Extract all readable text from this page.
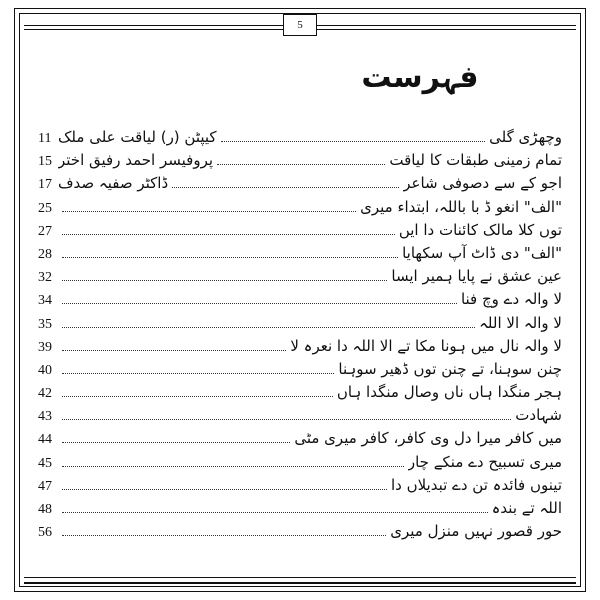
5
فہرست
وچھڑی گلی
کیپٹن (ر) لیاقت علی ملک
11
تمام زمینی طبقات کا لیاقت
پروفیسر احمد رفیق اختر
15
اجو کے سے دصوفی شاعر
ڈاکٹر صفیہ صدف
17
"الف" انغو ڈ با باللہ، ابتداء میری
25
توں کلا مالک کائنات دا ایں
27
"الف" دی ڈاٹ آپ سکھایا
28
عین عشق نے پایا ہمیر ایسا
32
لا والہ دے وچ فنا
34
لا والہ الا اللہ
35
لا والہ نال میں ہونا مکا تے الا اللہ دا نعرہ لا
39
چنن سوہنا، تے چنن توں ڈھیر سوہنا
40
ہجر منگدا ہاں ناں وصال منگدا ہاں
42
شہادت
43
میں کافر میرا دل وی کافر، کافر میری مٹی
44
میری تسبیح دے منکے چار
45
تینوں فائدہ تن دے تبدیلاں دا
47
اللہ تے بندہ
48
حور قصور نہیں منزل میری
56
